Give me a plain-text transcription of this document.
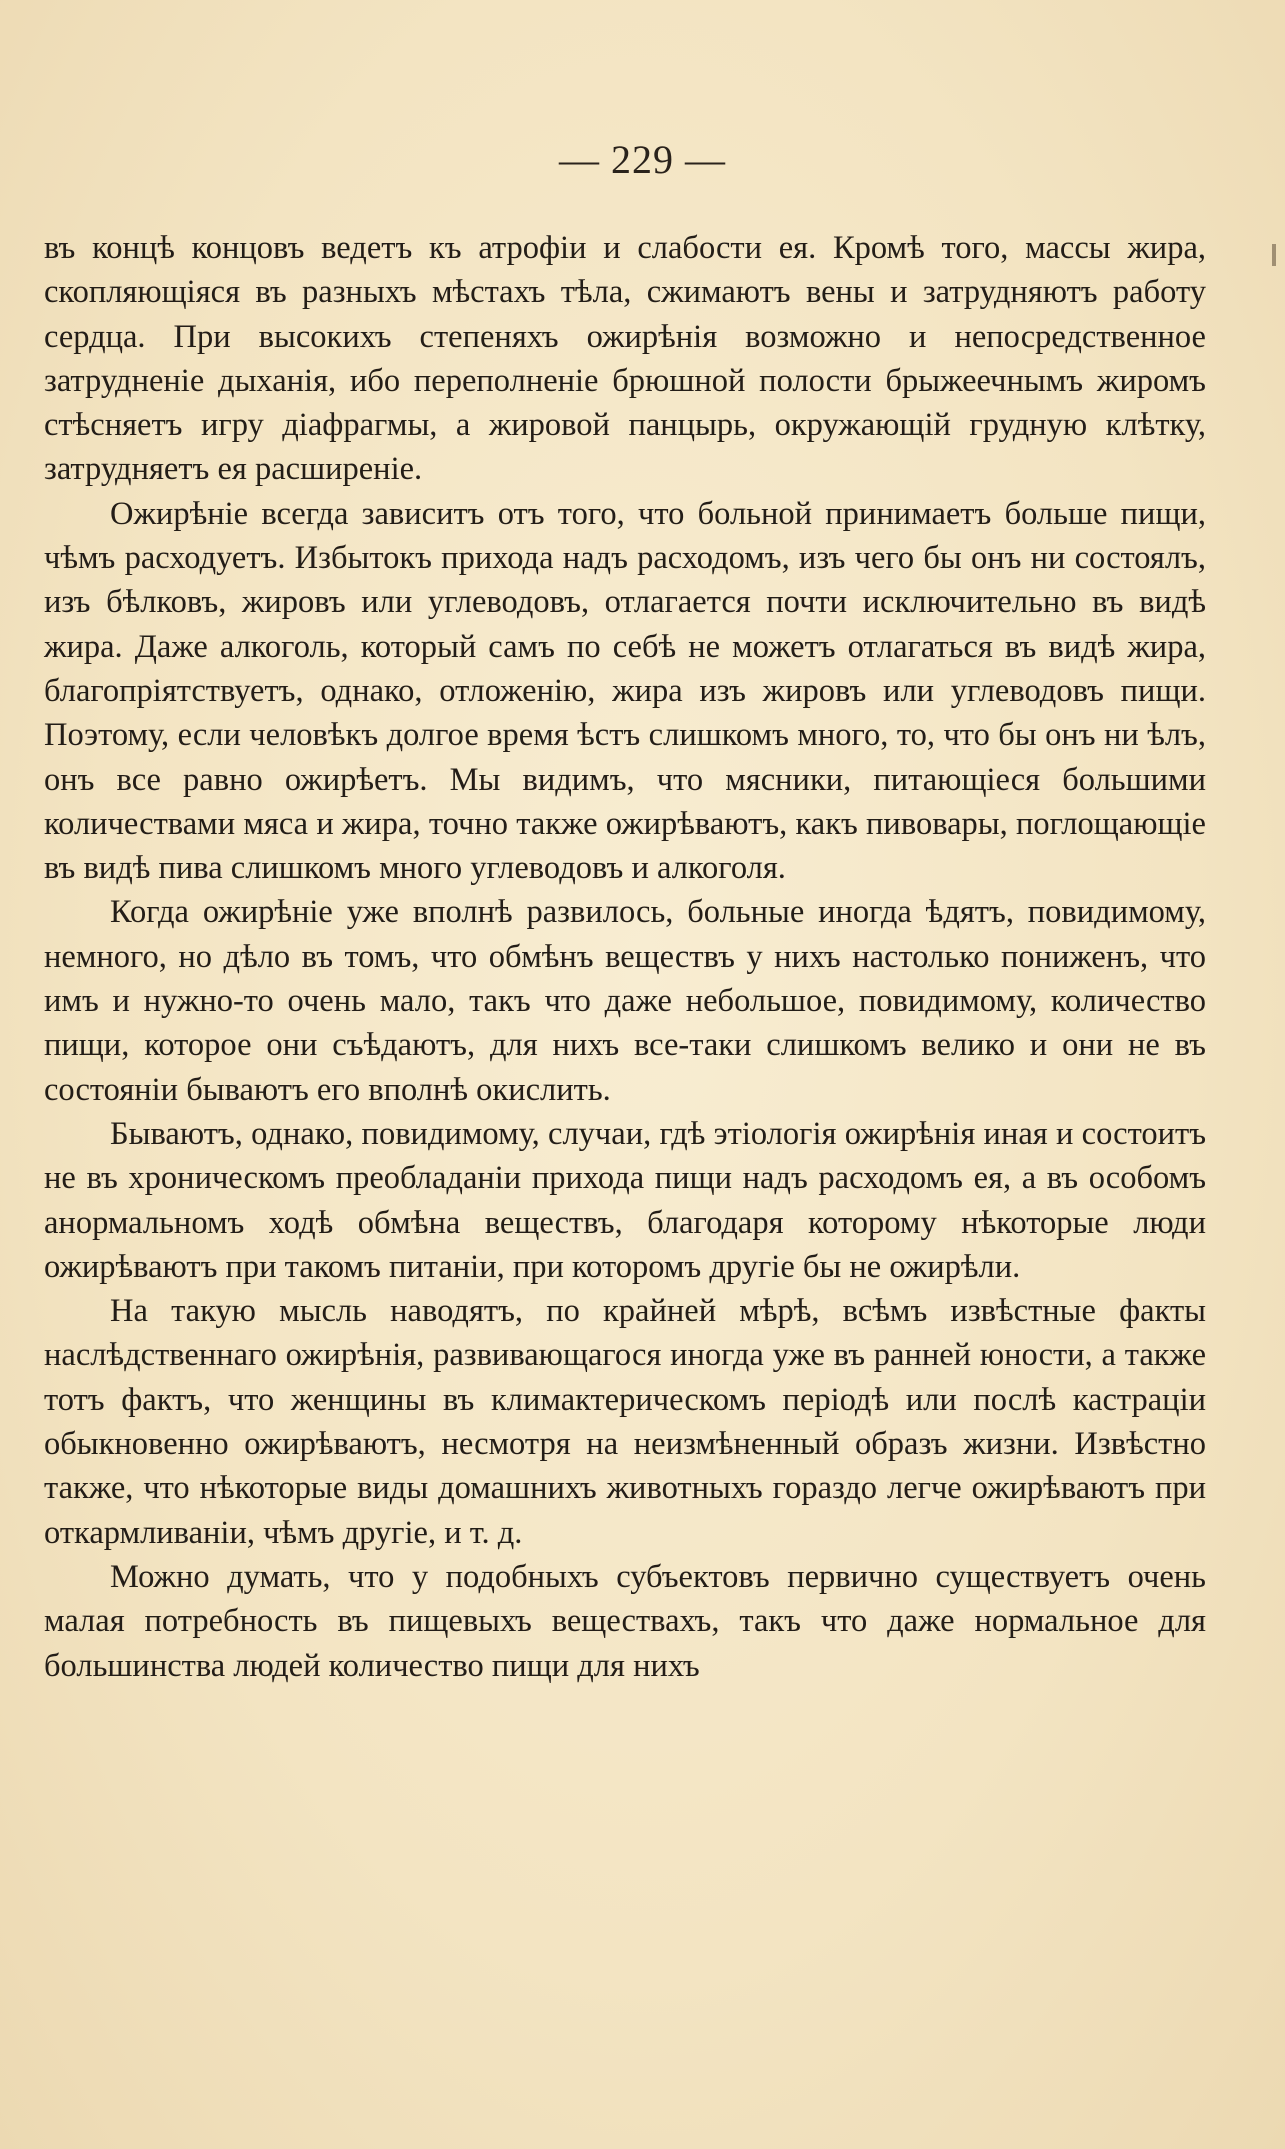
— 229 —

въ концѣ концовъ ведетъ къ атрофіи и слабости ея. Кромѣ того, массы жира, скопляющіяся въ разныхъ мѣстахъ тѣла, сжимаютъ вены и затрудняютъ работу сердца. При высокихъ степеняхъ ожирѣнія возможно и непосредственное затрудненіе дыханія, ибо переполненіе брюшной полости брыжеечнымъ жиромъ стѣсняетъ игру діафрагмы, а жировой панцырь, окружающій грудную клѣтку, затрудняетъ ея расширеніе.

Ожирѣніе всегда зависитъ отъ того, что больной принимаетъ больше пищи, чѣмъ расходуетъ. Избытокъ прихода надъ расходомъ, изъ чего бы онъ ни состоялъ, изъ бѣлковъ, жировъ или углеводовъ, отлагается почти исключительно въ видѣ жира. Даже алкоголь, который самъ по себѣ не можетъ отлагаться въ видѣ жира, благопріятствуетъ, однако, отложенію, жира изъ жировъ или углеводовъ пищи. Поэтому, если человѣкъ долгое время ѣстъ слишкомъ много, то, что бы онъ ни ѣлъ, онъ все равно ожирѣетъ. Мы видимъ, что мясники, питающіеся большими количествами мяса и жира, точно также ожирѣваютъ, какъ пивовары, поглощающіе въ видѣ пива слишкомъ много углеводовъ и алкоголя.

Когда ожирѣніе уже вполнѣ развилось, больные иногда ѣдятъ, повидимому, немного, но дѣло въ томъ, что обмѣнъ веществъ у нихъ настолько пониженъ, что имъ и нужно-то очень мало, такъ что даже небольшое, повидимому, количество пищи, которое они съѣдаютъ, для нихъ все-таки слишкомъ велико и они не въ состояніи бываютъ его вполнѣ окислить.

Бываютъ, однако, повидимому, случаи, гдѣ этіологія ожирѣнія иная и состоитъ не въ хроническомъ преобладаніи прихода пищи надъ расходомъ ея, а въ особомъ анормальномъ ходѣ обмѣна веществъ, благодаря которому нѣкоторые люди ожирѣваютъ при такомъ питаніи, при которомъ другіе бы не ожирѣли.

На такую мысль наводятъ, по крайней мѣрѣ, всѣмъ извѣстные факты наслѣдственнаго ожирѣнія, развивающагося иногда уже въ ранней юности, а также тотъ фактъ, что женщины въ климактерическомъ періодѣ или послѣ кастраціи обыкновенно ожирѣваютъ, несмотря на неизмѣненный образъ жизни. Извѣстно также, что нѣкоторые виды домашнихъ животныхъ гораздо легче ожирѣваютъ при откармливаніи, чѣмъ другіе, и т. д.

Можно думать, что у подобныхъ субъектовъ первично существуетъ очень малая потребность въ пищевыхъ веществахъ, такъ что даже нормальное для большинства людей количество пищи для нихъ
